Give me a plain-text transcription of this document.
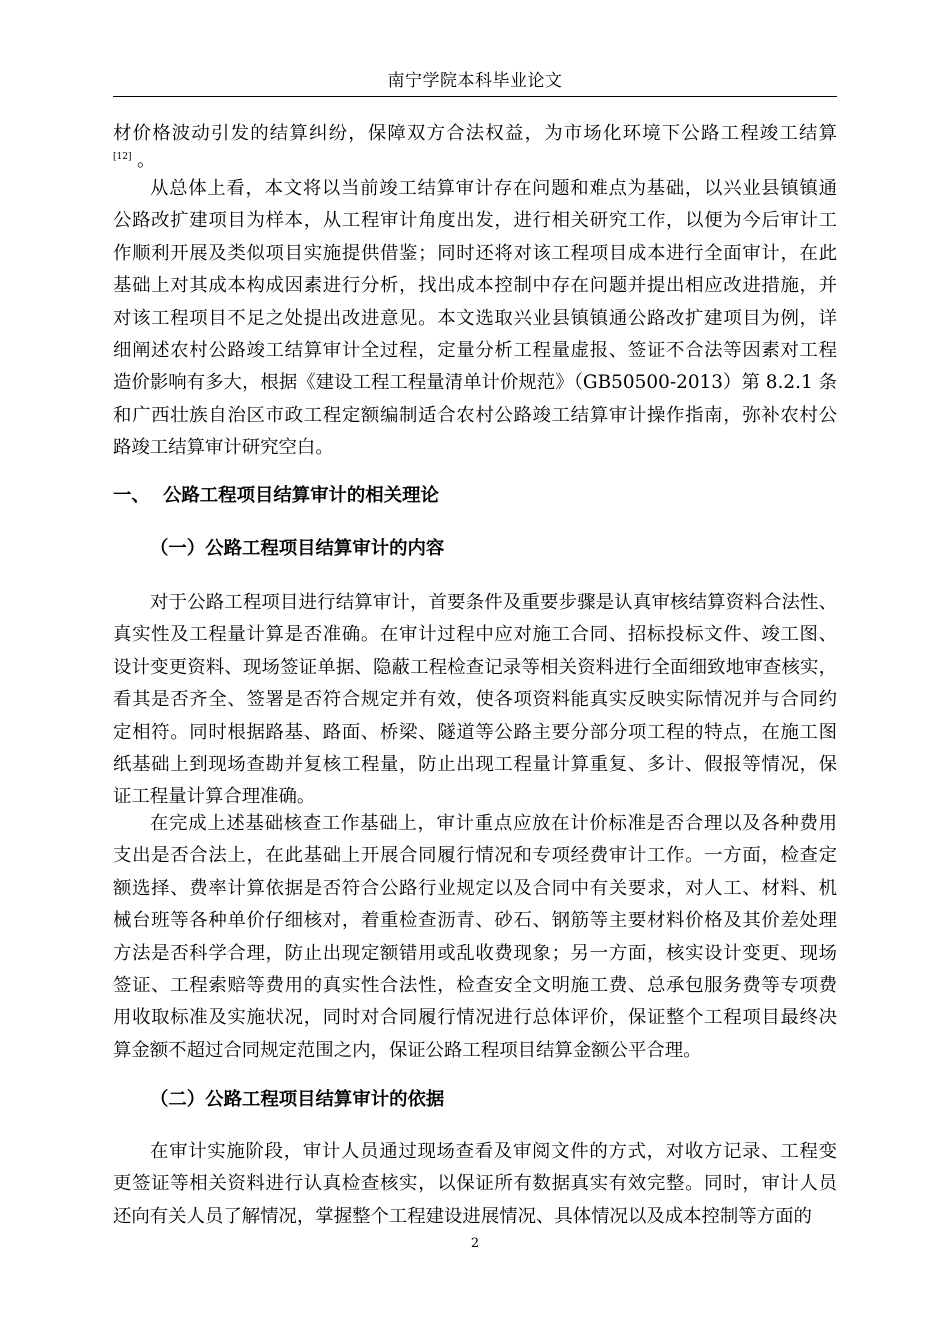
南宁学院本科毕业论文
材价格波动引发的结算纠纷，保障双方合法权益，为市场化环境下公路工程竣工结算
[12] 。
从总体上看，本文将以当前竣工结算审计存在问题和难点为基础，以兴业县镇镇通
公路改扩建项目为样本，从工程审计角度出发，进行相关研究工作，以便为今后审计工
作顺利开展及类似项目实施提供借鉴；同时还将对该工程项目成本进行全面审计，在此
基础上对其成本构成因素进行分析，找出成本控制中存在问题并提出相应改进措施，并
对该工程项目不足之处提出改进意见。本文选取兴业县镇镇通公路改扩建项目为例，详
细阐述农村公路竣工结算审计全过程，定量分析工程量虚报、签证不合法等因素对工程
造价影响有多大，根据《建设工程工程量清单计价规范》（GB50500-2013）第 8.2.1 条
和广西壮族自治区市政工程定额编制适合农村公路竣工结算审计操作指南，弥补农村公
路竣工结算审计研究空白。
一、 公路工程项目结算审计的相关理论
（一）公路工程项目结算审计的内容
对于公路工程项目进行结算审计，首要条件及重要步骤是认真审核结算资料合法性、
真实性及工程量计算是否准确。在审计过程中应对施工合同、招标投标文件、竣工图、
设计变更资料、现场签证单据、隐蔽工程检查记录等相关资料进行全面细致地审查核实，
看其是否齐全、签署是否符合规定并有效，使各项资料能真实反映实际情况并与合同约
定相符。同时根据路基、路面、桥梁、隧道等公路主要分部分项工程的特点，在施工图
纸基础上到现场查勘并复核工程量，防止出现工程量计算重复、多计、假报等情况，保
证工程量计算合理准确。
在完成上述基础核查工作基础上，审计重点应放在计价标准是否合理以及各种费用
支出是否合法上，在此基础上开展合同履行情况和专项经费审计工作。一方面，检查定
额选择、费率计算依据是否符合公路行业规定以及合同中有关要求，对人工、材料、机
械台班等各种单价仔细核对，着重检查沥青、砂石、钢筋等主要材料价格及其价差处理
方法是否科学合理，防止出现定额错用或乱收费现象；另一方面，核实设计变更、现场
签证、工程索赔等费用的真实性合法性，检查安全文明施工费、总承包服务费等专项费
用收取标准及实施状况，同时对合同履行情况进行总体评价，保证整个工程项目最终决
算金额不超过合同规定范围之内，保证公路工程项目结算金额公平合理。
（二）公路工程项目结算审计的依据
在审计实施阶段，审计人员通过现场查看及审阅文件的方式，对收方记录、工程变
更签证等相关资料进行认真检查核实，以保证所有数据真实有效完整。同时，审计人员
还向有关人员了解情况，掌握整个工程建设进展情况、具体情况以及成本控制等方面的
2
